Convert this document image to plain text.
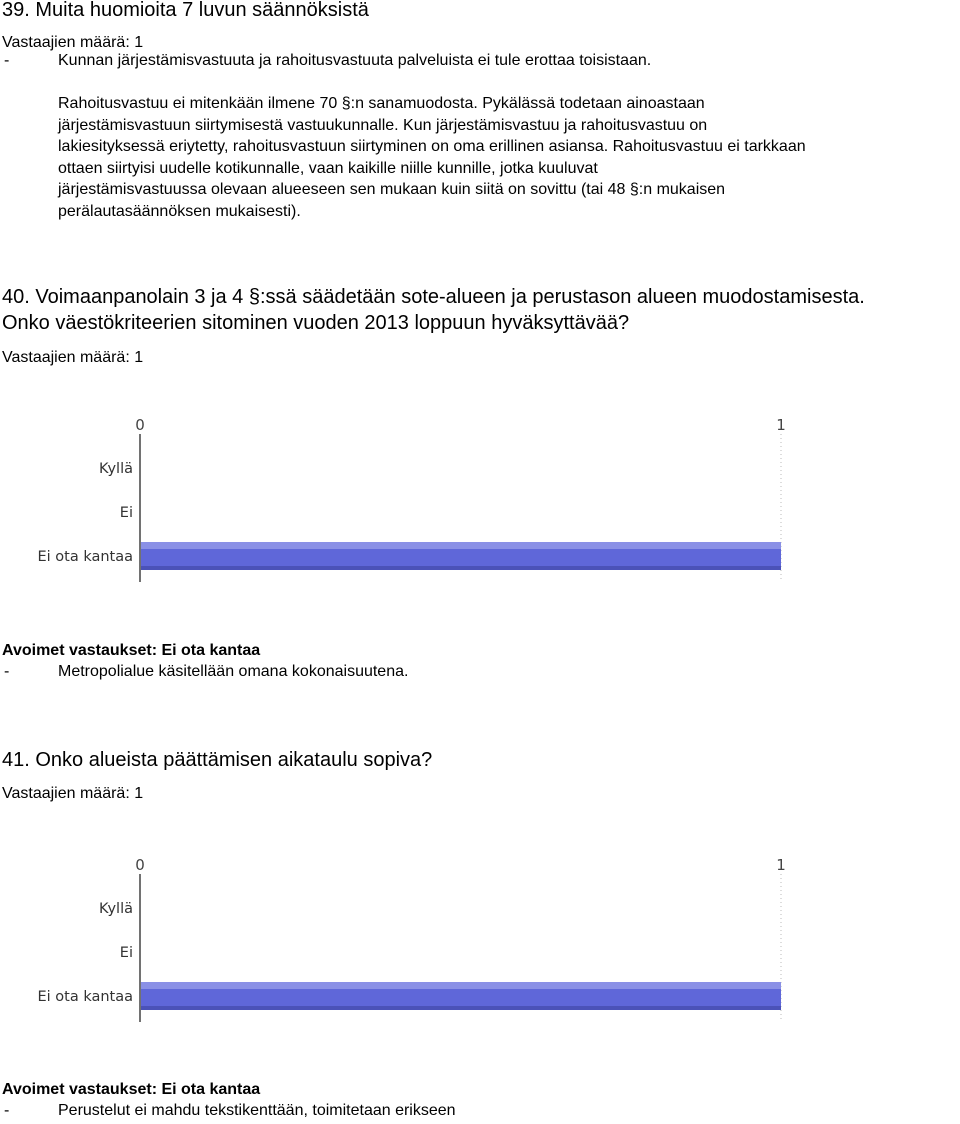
39. Muita huomioita 7 luvun säännöksistä
Vastaajien määrä: 1
-	Kunnan järjestämisvastuuta ja rahoitusvastuuta palveluista ei tule erottaa toisistaan.
Rahoitusvastuu ei mitenkään ilmene 70 §:n sanamuodosta. Pykälässä todetaan ainoastaan
järjestämisvastuun siirtymisestä vastuukunnalle. Kun järjestämisvastuu ja rahoitusvastuu on
lakiesityksessä eriytetty, rahoitusvastuun siirtyminen on oma erillinen asiansa. Rahoitusvastuu ei tarkkaan
ottaen siirtyisi uudelle kotikunnalle, vaan kaikille niille kunnille, jotka kuuluvat
järjestämisvastuussa olevaan alueeseen sen mukaan kuin siitä on sovittu (tai 48 §:n mukaisen
perälautasäännöksen mukaisesti).
40. Voimaanpanolain 3 ja 4 §:ssä säädetään sote-alueen ja perustason alueen muodostamisesta.
Onko väestökriteerien sitominen vuoden 2013 loppuun hyväksyttävää?
Vastaajien määrä: 1
0	1
Kyllä
Ei
Ei ota kantaa
Avoimet vastaukset: Ei ota kantaa
-	Metropolialue käsitellään omana kokonaisuutena.
41. Onko alueista päättämisen aikataulu sopiva?
Vastaajien määrä: 1
0	1
Kyllä
Ei
Ei ota kantaa
Avoimet vastaukset: Ei ota kantaa
-	Perustelut ei mahdu tekstikenttään, toimitetaan erikseen
